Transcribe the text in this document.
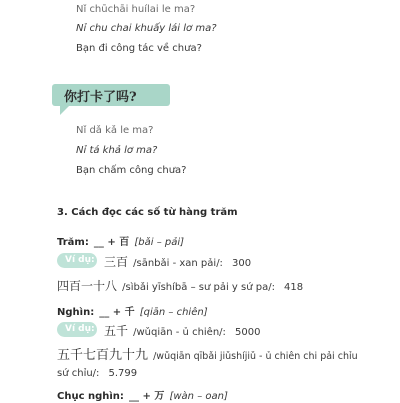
Nǐ chūchāi huílai le ma?
Nỉ chu chai khuấy lái lơ ma?
Bạn đi công tác về chưa?
你打卡了吗?
Nǐ dǎ kǎ le ma?
Nỉ tá khả lơ ma?
Bạn chấm công chưa?
3. Cách đọc các số từ hàng trăm
Trăm: __ + 百 [bǎi – pải]
Ví dụ: 三百 /sānbǎi - xan pải/: 300
四百一十八 /sìbǎi yīshíbā – sư pải y sứ pa/: 418
Nghìn: __ + 千 [qiān – chiên]
Ví dụ: 五千 /wǔqiān - ủ chiên/: 5000
五千七百九十九 /wǔqiān qībǎi jiǔshíjiǔ - ủ chiên chi pải chỉu
sứ chỉu/: 5.799
Chục nghìn: __ + 万 [wàn – oan]
